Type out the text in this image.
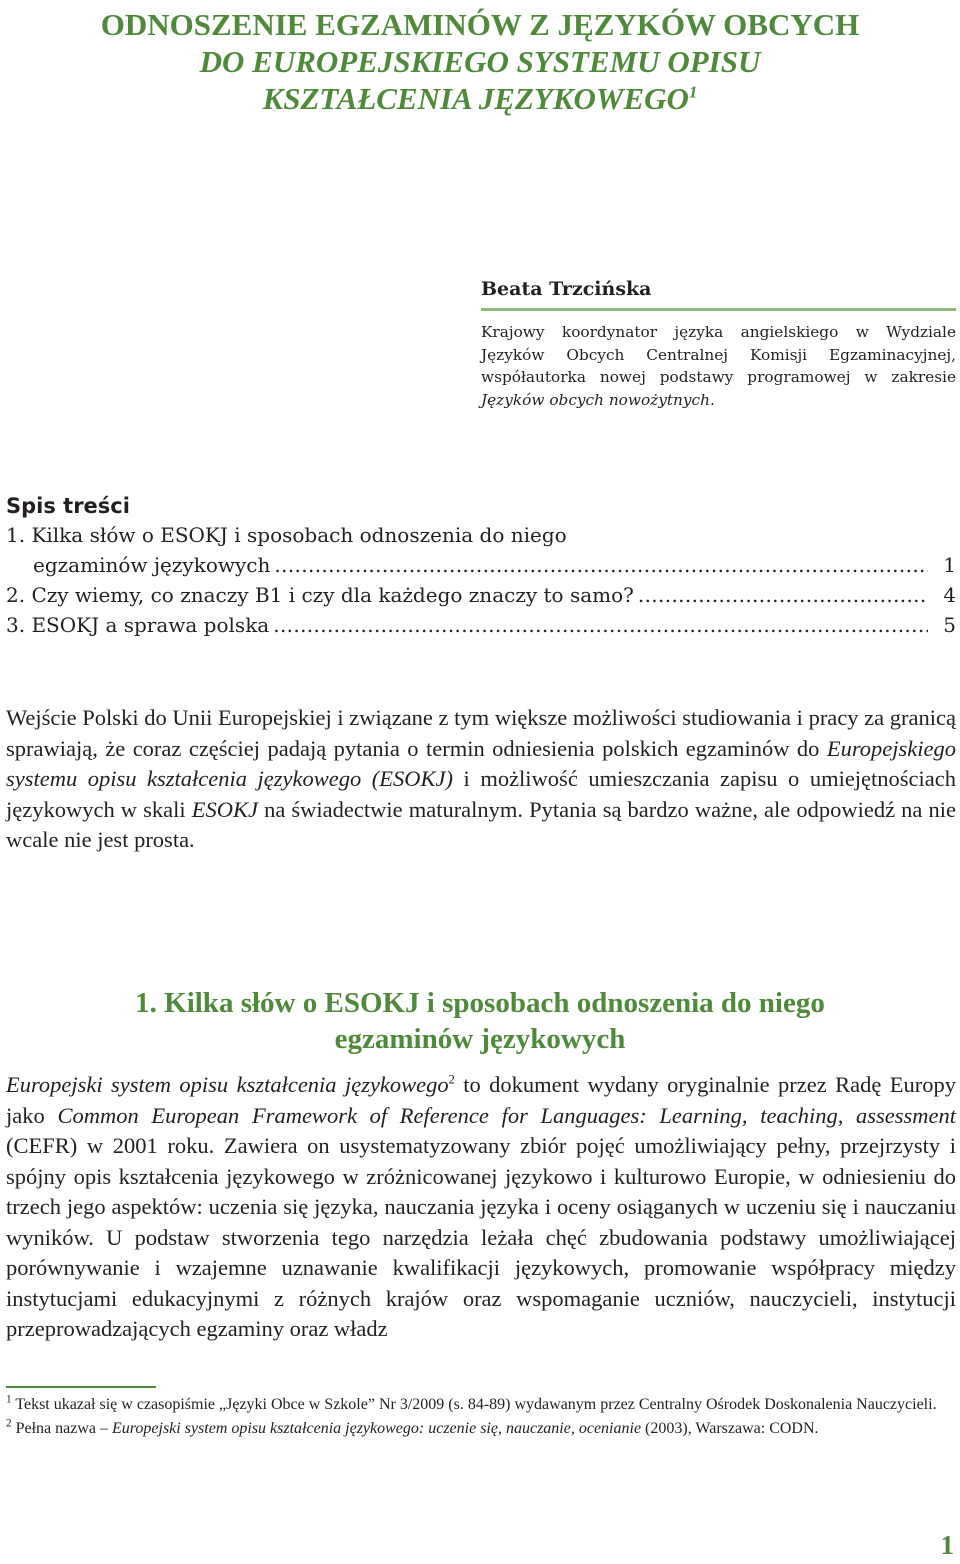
ODNOSZENIE EGZAMINÓW Z JĘZYKÓW OBCYCH
DO EUROPEJSKIEGO SYSTEMU OPISU
KSZTAŁCENIA JĘZYKOWEGO$^1$
Beata Trzcińska

Krajowy koordynator języka angielskiego w Wydziale Języków Obcych Centralnej Komisji Egzaminacyjnej, współautorka nowej podstawy programowej w zakresie Języków obcych nowożytnych.

Spis treści
1. Kilka słów o ESOKJ i sposobach odnoszenia do niego
egzaminów językowych . . .	1
2. Czy wiemy, co znaczy B1 i czy dla każdego znaczy to samo? . . .	4
3. ESOKJ a sprawa polska . . .	5

Wejście Polski do Unii Europejskiej i związane z tym większe możliwości studiowania i pracy za granicą sprawiają, że coraz częściej padają pytania o termin odniesienia polskich egzaminów do Europejskiego systemu opisu kształcenia językowego (ESOKJ) i możliwość umieszczania zapisu o umiejętnościach językowych w skali ESOKJ na świadectwie maturalnym. Pytania są bardzo ważne, ale odpowiedź na nie wcale nie jest prosta.

1. Kilka słów o ESOKJ i sposobach odnoszenia do niego
egzaminów językowych

Europejski system opisu kształcenia językowego$^2$ to dokument wydany oryginalnie przez Radę Europy jako Common European Framework of Reference for Languages: Learning, teaching, assessment (CEFR) w 2001 roku. Zawiera on usystematyzowany zbiór pojęć umożliwiający pełny, przejrzysty i spójny opis kształcenia językowego w zróżnicowanej językowo i kulturowo Europie, w odniesieniu do trzech jego aspektów: uczenia się języka, nauczania języka i oceny osiąganych w uczeniu się i nauczaniu wyników. U podstaw stworzenia tego narzędzia leżała chęć zbudowania podstawy umożliwiającej porównywanie i wzajemne uznawanie kwalifikacji językowych, promowanie współpracy między instytucjami edukacyjnymi z różnych krajów oraz wspomaganie uczniów, nauczycieli, instytucji przeprowadzających egzaminy oraz władz

$^1$ Tekst ukazał się w czasopiśmie „Języki Obce w Szkole” Nr 3/2009 (s. 84-89) wydawanym przez Centralny Ośrodek Doskonalenia Nauczycieli.

$^2$ Pełna nazwa – Europejski system opisu kształcenia językowego: uczenie się, nauczanie, ocenianie (2003), Warszawa: CODN.

1
